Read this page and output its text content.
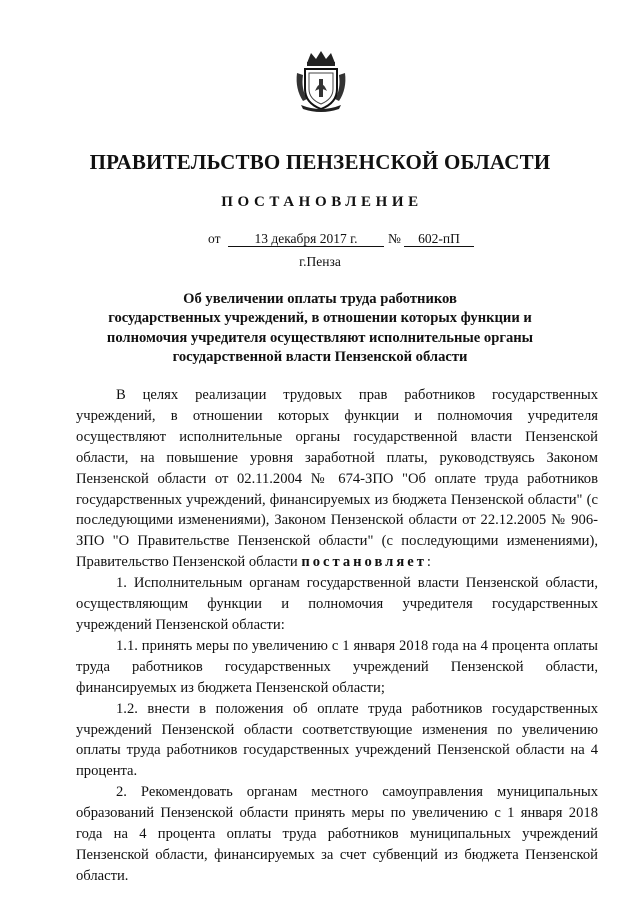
ПРАВИТЕЛЬСТВО ПЕНЗЕНСКОЙ ОБЛАСТИ
ПОСТАНОВЛЕНИЕ
от	13 декабря 2017 г.	№	602-пП
г.Пенза
Об увеличении оплаты труда работников
государственных учреждений, в отношении которых функции и
полномочия учредителя осуществляют исполнительные органы
государственной власти Пензенской области

В целях реализации трудовых прав работников государственных учреждений, в отношении которых функции и полномочия учредителя осуществляют исполнительные органы государственной власти Пензенской области, на повышение уровня заработной платы, руководствуясь Законом Пензенской области от 02.11.2004 № 674-ЗПО "Об оплате труда работников государственных учреждений, финансируемых из бюджета Пензенской области" (с последующими изменениями), Законом Пензенской области от 22.12.2005 № 906-ЗПО "О Правительстве Пензенской области" (с последующими изменениями), Правительство Пензенской области постановляет:

1. Исполнительным органам государственной власти Пензенской области, осуществляющим функции и полномочия учредителя государственных учреждений Пензенской области:

1.1. принять меры по увеличению с 1 января 2018 года на 4 процента оплаты труда работников государственных учреждений Пензенской области, финансируемых из бюджета Пензенской области;

1.2. внести в положения об оплате труда работников государственных учреждений Пензенской области соответствующие изменения по увеличению оплаты труда работников государственных учреждений Пензенской области на 4 процента.

2. Рекомендовать органам местного самоуправления муниципальных образований Пензенской области принять меры по увеличению с 1 января 2018 года на 4 процента оплаты труда работников муниципальных учреждений Пензенской области, финансируемых за счет субвенций из бюджета Пензенской области.
